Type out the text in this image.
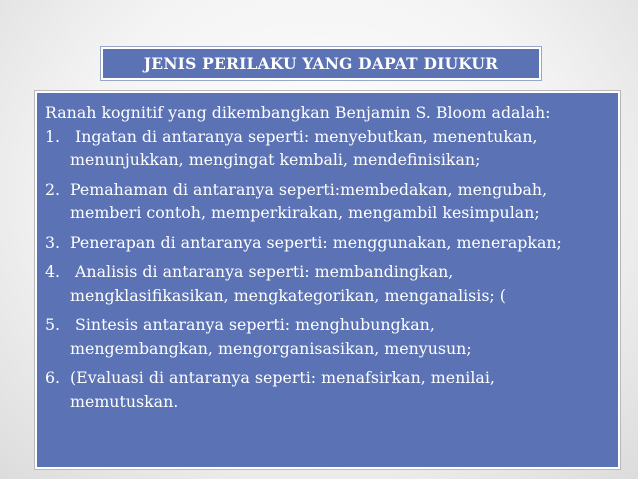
JENIS PERILAKU YANG DAPAT DIUKUR
Ranah kognitif yang dikembangkan Benjamin S. Bloom adalah:
1. Ingatan di antaranya seperti: menyebutkan, menentukan,
menunjukkan, mengingat kembali, mendefinisikan;
2. Pemahaman di antaranya seperti:membedakan, mengubah,
memberi contoh, memperkirakan, mengambil kesimpulan;
3. Penerapan di antaranya seperti: menggunakan, menerapkan;
4. Analisis di antaranya seperti: membandingkan,
mengklasifikasikan, mengkategorikan, menganalisis; (
5. Sintesis antaranya seperti: menghubungkan,
mengembangkan, mengorganisasikan, menyusun;
6. (Evaluasi di antaranya seperti: menafsirkan, menilai,
memutuskan.
